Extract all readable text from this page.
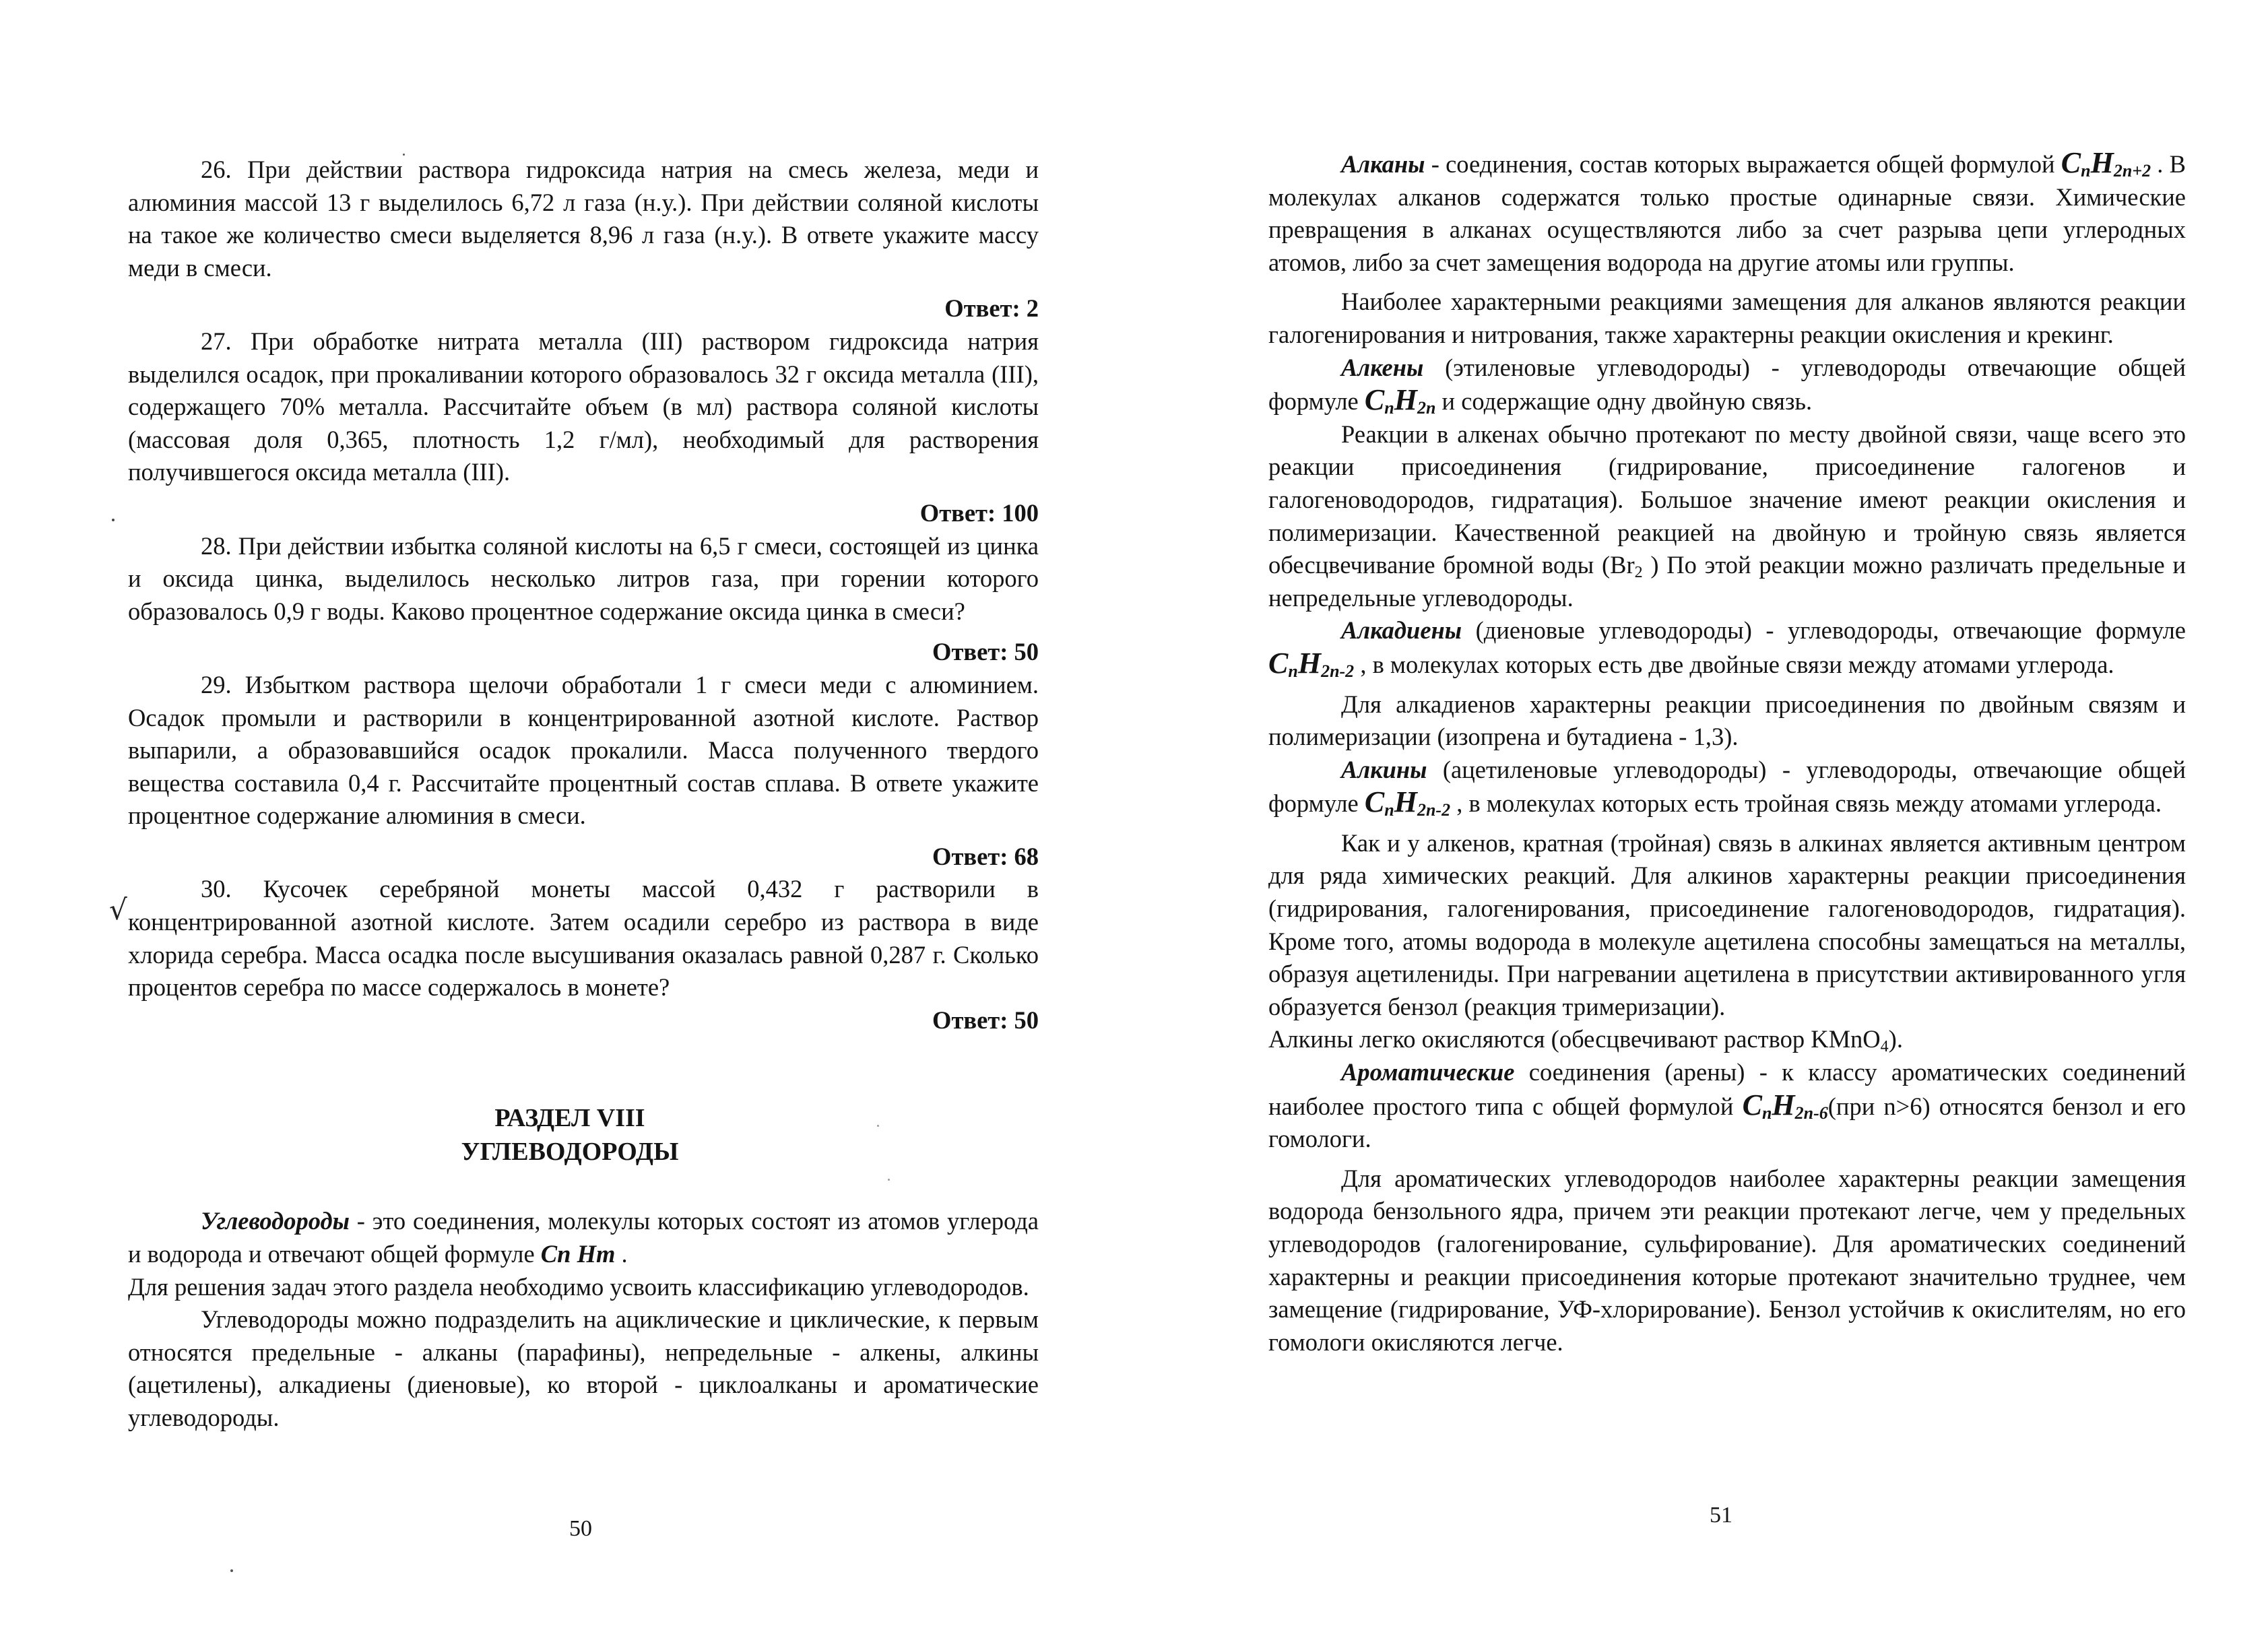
26. При действии раствора гидроксида натрия на смесь железа, меди и алюминия массой 13 г выделилось 6,72 л газа (н.у.). При действии соляной кислоты на такое же количество смеси выделяется 8,96 л газа (н.у.). В ответе укажите массу меди в смеси.

Ответ: 2

27. При обработке нитрата металла (III) раствором гидроксида натрия выделился осадок, при прокаливании которого образовалось 32 г оксида металла (III), содержащего 70% металла. Рассчитайте объем (в мл) раствора соляной кислоты (массовая доля 0,365, плотность 1,2 г/мл), необходимый для растворения получившегося оксида металла (III).

Ответ: 100

28. При действии избытка соляной кислоты на 6,5 г смеси, состоящей из цинка и оксида цинка, выделилось несколько литров газа, при горении которого образовалось 0,9 г воды. Каково процентное содержание оксида цинка в смеси?

Ответ: 50

29. Избытком раствора щелочи обработали 1 г смеси меди с алюминием. Осадок промыли и растворили в концентрированной азотной кислоте. Раствор выпарили, а образовавшийся осадок прокалили. Масса полученного твердого вещества составила 0,4 г. Рассчитайте процентный состав сплава. В ответе укажите процентное содержание алюминия в смеси.

Ответ: 68

30. Кусочек серебряной монеты массой 0,432 г растворили в концентрированной азотной кислоте. Затем осадили серебро из раствора в виде хлорида серебра. Масса осадка после высушивания оказалась равной 0,287 г. Сколько процентов серебра по массе содержалось в монете?

Ответ: 50

РАЗДЕЛ VIII

УГЛЕВОДОРОДЫ

Углеводороды - это соединения, молекулы которых состоят из атомов углерода и водорода и отвечают общей формуле Cn Hm .

Для решения задач этого раздела необходимо усвоить классификацию углеводородов.

Углеводороды можно подразделить на ациклические и циклические, к первым относятся предельные - алканы (парафины), непредельные - алкены, алкины (ацетилены), алкадиены (диеновые), ко второй - циклоалканы и ароматические углеводороды.

50
√

Алканы - соединения, состав которых выражается общей формулой $C_nH_{2n+2}$ . В молекулах алканов содержатся только простые одинарные связи. Химические превращения в алканах осуществляются либо за счет разрыва цепи углеродных атомов, либо за счет замещения водорода на другие атомы или группы.

Наиболее характерными реакциями замещения для алканов являются реакции галогенирования и нитрования, также характерны реакции окисления и крекинг.

Алкены (этиленовые углеводороды) - углеводороды отвечающие общей формуле $C_nH_{2n}$ и содержащие одну двойную связь.

Реакции в алкенах обычно протекают по месту двойной связи, чаще всего это реакции присоединения (гидрирование, присоединение галогенов и галогеноводородов, гидратация). Большое значение имеют реакции окисления и полимеризации. Качественной реакцией на двойную и тройную связь является обесцвечивание бромной воды ($Br_2$ ) По этой реакции можно различать предельные и непредельные углеводороды.

Алкадиены (диеновые углеводороды) - углеводороды, отвечающие формуле $C_nH_{2n-2}$ , в молекулах которых есть две двойные связи между атомами углерода.

Для алкадиенов характерны реакции присоединения по двойным связям и полимеризации (изопрена и бутадиена - 1,3).

Алкины (ацетиленовые углеводороды) - углеводороды, отвечающие общей формуле $C_nH_{2n-2}$ , в молекулах которых есть тройная связь между атомами углерода.

Как и у алкенов, кратная (тройная) связь в алкинах является активным центром для ряда химических реакций. Для алкинов характерны реакции присоединения (гидрирования, галогенирования, присоединение галогеноводородов, гидратация). Кроме того, атомы водорода в молекуле ацетилена способны замещаться на металлы, образуя ацетилениды. При нагревании ацетилена в присутствии активированного угля образуется бензол (реакция тримеризации).

Алкины легко окисляются (обесцвечивают раствор KMnO$_4$).

Ароматические соединения (арены) - к классу ароматических соединений наиболее простого типа с общей формулой $C_nH_{2n-6}(при$ n>6) относятся бензол и его гомологи.

Для ароматических углеводородов наиболее характерны реакции замещения водорода бензольного ядра, причем эти реакции протекают легче, чем у предельных углеводородов (галогенирование, сульфирование). Для ароматических соединений характерны и реакции присоединения которые протекают значительно труднее, чем замещение (гидрирование, УФ-хлорирование). Бензол устойчив к окислителям, но его гомологи окисляются легче.

51
